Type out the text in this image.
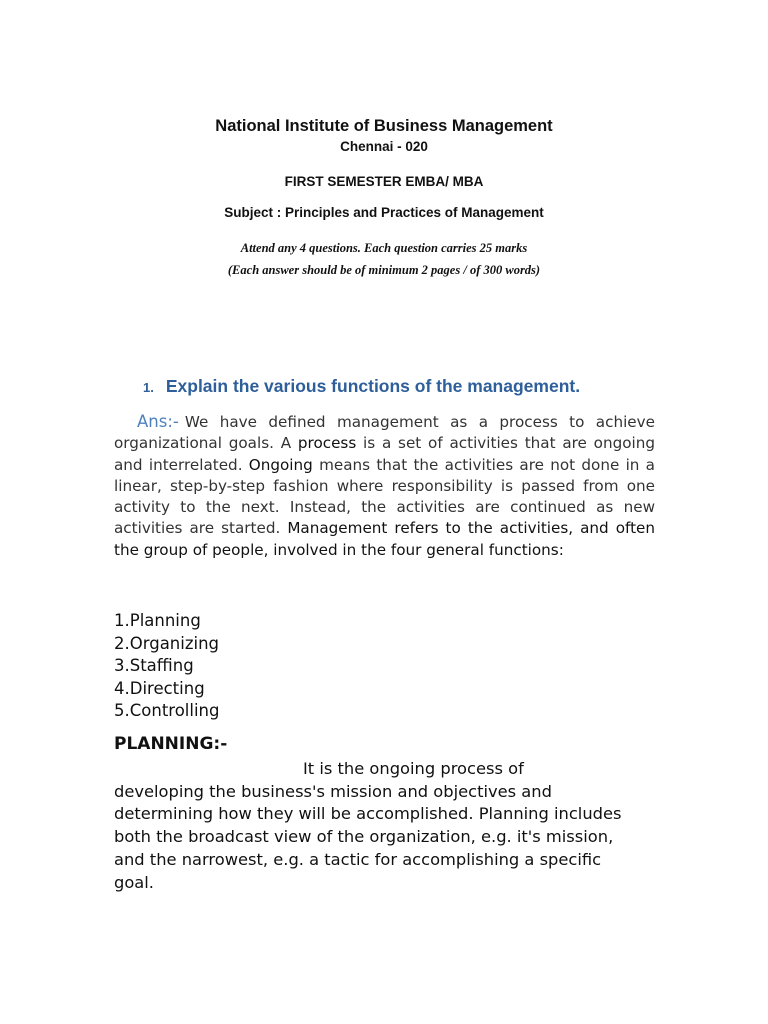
National Institute of Business Management
Chennai - 020
FIRST SEMESTER EMBA/ MBA
Subject : Principles and Practices of Management
Attend any 4 questions. Each question carries 25 marks
(Each answer should be of minimum 2 pages / of 300 words)
1. Explain the various functions of the management.
Ans:- We have defined management as a process to achieve organizational goals. A process is a set of activities that are ongoing and interrelated. Ongoing means that the activities are not done in a linear, step-by-step fashion where responsibility is passed from one activity to the next. Instead, the activities are continued as new activities are started. Management refers to the activities, and often the group of people, involved in the four general functions:
1.Planning
2.Organizing
3.Staffing
4.Directing
5.Controlling
PLANNING:-
It is the ongoing process of
developing the business's mission and objectives and determining how they will be accomplished. Planning includes both the broadcast view of the organization, e.g. it's mission, and the narrowest, e.g. a tactic for accomplishing a specific goal.
